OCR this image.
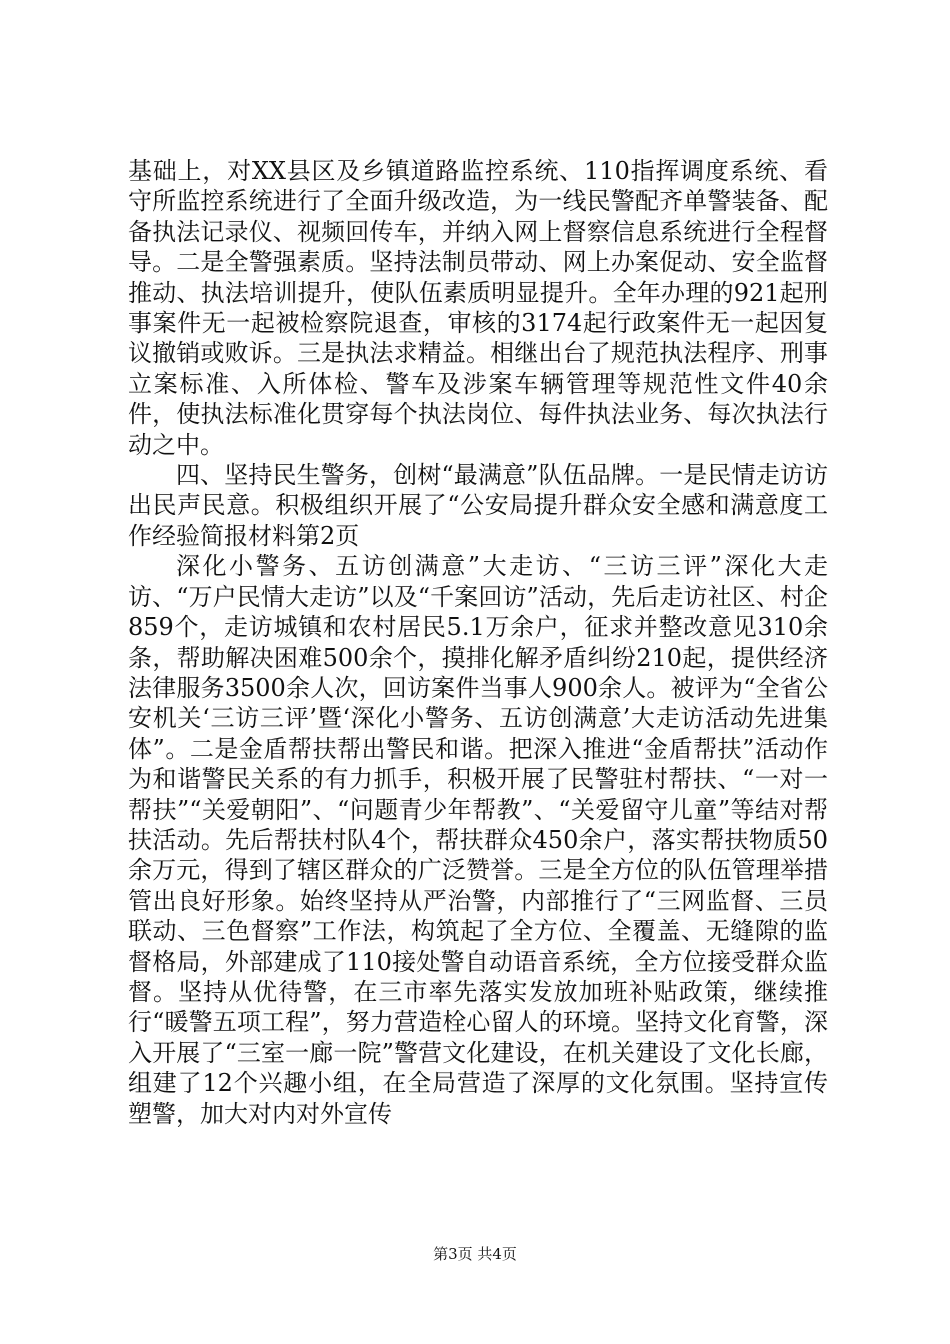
基础上，对XX县区及乡镇道路监控系统、110指挥调度系统、看守所监控系统进行了全面升级改造，为一线民警配齐单警装备、配备执法记录仪、视频回传车，并纳入网上督察信息系统进行全程督导。二是全警强素质。坚持法制员带动、网上办案促动、安全监督推动、执法培训提升，使队伍素质明显提升。全年办理的921起刑事案件无一起被检察院退查，审核的3174起行政案件无一起因复议撤销或败诉。三是执法求精益。相继出台了规范执法程序、刑事立案标准、入所体检、警车及涉案车辆管理等规范性文件40余件，使执法标准化贯穿每个执法岗位、每件执法业务、每次执法行动之中。

四、坚持民生警务，创树“最满意”队伍品牌。一是民情走访访出民声民意。积极组织开展了“公安局提升群众安全感和满意度工作经验简报材料第2页

深化小警务、五访创满意”大走访、“三访三评”深化大走访、“万户民情大走访”以及“千案回访”活动，先后走访社区、村企859个，走访城镇和农村居民5.1万余户，征求并整改意见310余条，帮助解决困难500余个，摸排化解矛盾纠纷210起，提供经济法律服务3500余人次，回访案件当事人900余人。被评为“全省公安机关‘三访三评’暨‘深化小警务、五访创满意’大走访活动先进集体”。二是金盾帮扶帮出警民和谐。把深入推进“金盾帮扶”活动作为和谐警民关系的有力抓手，积极开展了民警驻村帮扶、“一对一帮扶”“关爱朝阳”、“问题青少年帮教”、“关爱留守儿童”等结对帮扶活动。先后帮扶村队4个，帮扶群众450余户，落实帮扶物质50余万元，得到了辖区群众的广泛赞誉。三是全方位的队伍管理举措管出良好形象。始终坚持从严治警，内部推行了“三网监督、三员联动、三色督察”工作法，构筑起了全方位、全覆盖、无缝隙的监督格局，外部建成了110接处警自动语音系统，全方位接受群众监督。坚持从优待警，在三市率先落实发放加班补贴政策，继续推行“暖警五项工程”，努力营造栓心留人的环境。坚持文化育警，深入开展了“三室一廊一院”警营文化建设，在机关建设了文化长廊，组建了12个兴趣小组，在全局营造了深厚的文化氛围。坚持宣传塑警，加大对内对外宣传

第3页 共4页
